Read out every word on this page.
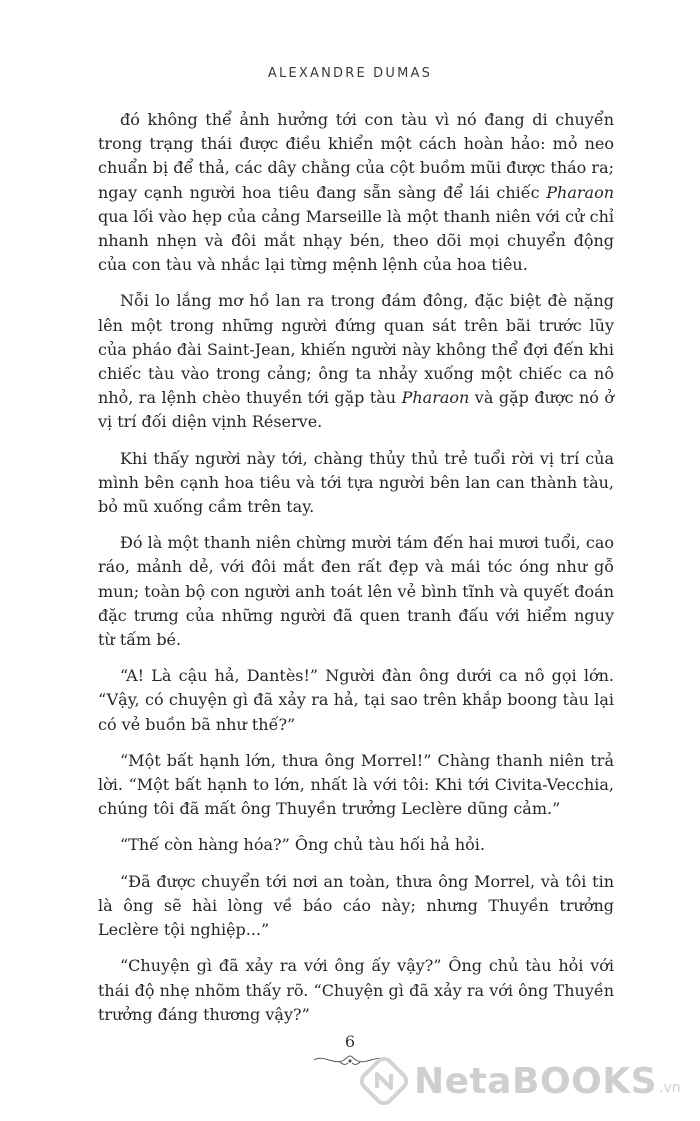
ALEXANDRE DUMAS

đó không thể ảnh hưởng tới con tàu vì nó đang di chuyển trong trạng thái được điều khiển một cách hoàn hảo: mỏ neo chuẩn bị để thả, các dây chằng của cột buồm mũi được tháo ra; ngay cạnh người hoa tiêu đang sẵn sàng để lái chiếc Pharaon qua lối vào hẹp của cảng Marseille là một thanh niên với cử chỉ nhanh nhẹn và đôi mắt nhạy bén, theo dõi mọi chuyển động của con tàu và nhắc lại từng mệnh lệnh của hoa tiêu.

Nỗi lo lắng mơ hồ lan ra trong đám đông, đặc biệt đè nặng lên một trong những người đứng quan sát trên bãi trước lũy của pháo đài Saint-Jean, khiến người này không thể đợi đến khi chiếc tàu vào trong cảng; ông ta nhảy xuống một chiếc ca nô nhỏ, ra lệnh chèo thuyền tới gặp tàu Pharaon và gặp được nó ở vị trí đối diện vịnh Réserve.

Khi thấy người này tới, chàng thủy thủ trẻ tuổi rời vị trí của mình bên cạnh hoa tiêu và tới tựa người bên lan can thành tàu, bỏ mũ xuống cầm trên tay.

Đó là một thanh niên chừng mười tám đến hai mươi tuổi, cao ráo, mảnh dẻ, với đôi mắt đen rất đẹp và mái tóc óng như gỗ mun; toàn bộ con người anh toát lên vẻ bình tĩnh và quyết đoán đặc trưng của những người đã quen tranh đấu với hiểm nguy từ tấm bé.

“A! Là cậu hả, Dantès!” Người đàn ông dưới ca nô gọi lớn. “Vậy, có chuyện gì đã xảy ra hả, tại sao trên khắp boong tàu lại có vẻ buồn bã như thế?”

“Một bất hạnh lớn, thưa ông Morrel!” Chàng thanh niên trả lời. “Một bất hạnh to lớn, nhất là với tôi: Khi tới Civita-Vecchia, chúng tôi đã mất ông Thuyền trưởng Leclère dũng cảm.”

“Thế còn hàng hóa?” Ông chủ tàu hối hả hỏi.

“Đã được chuyển tới nơi an toàn, thưa ông Morrel, và tôi tin là ông sẽ hài lòng về báo cáo này; nhưng Thuyền trưởng Leclère tội nghiệp...”

“Chuyện gì đã xảy ra với ông ấy vậy?” Ông chủ tàu hỏi với thái độ nhẹ nhõm thấy rõ. “Chuyện gì đã xảy ra với ông Thuyền trưởng đáng thương vậy?”

6
NetaBOOKS .vn
